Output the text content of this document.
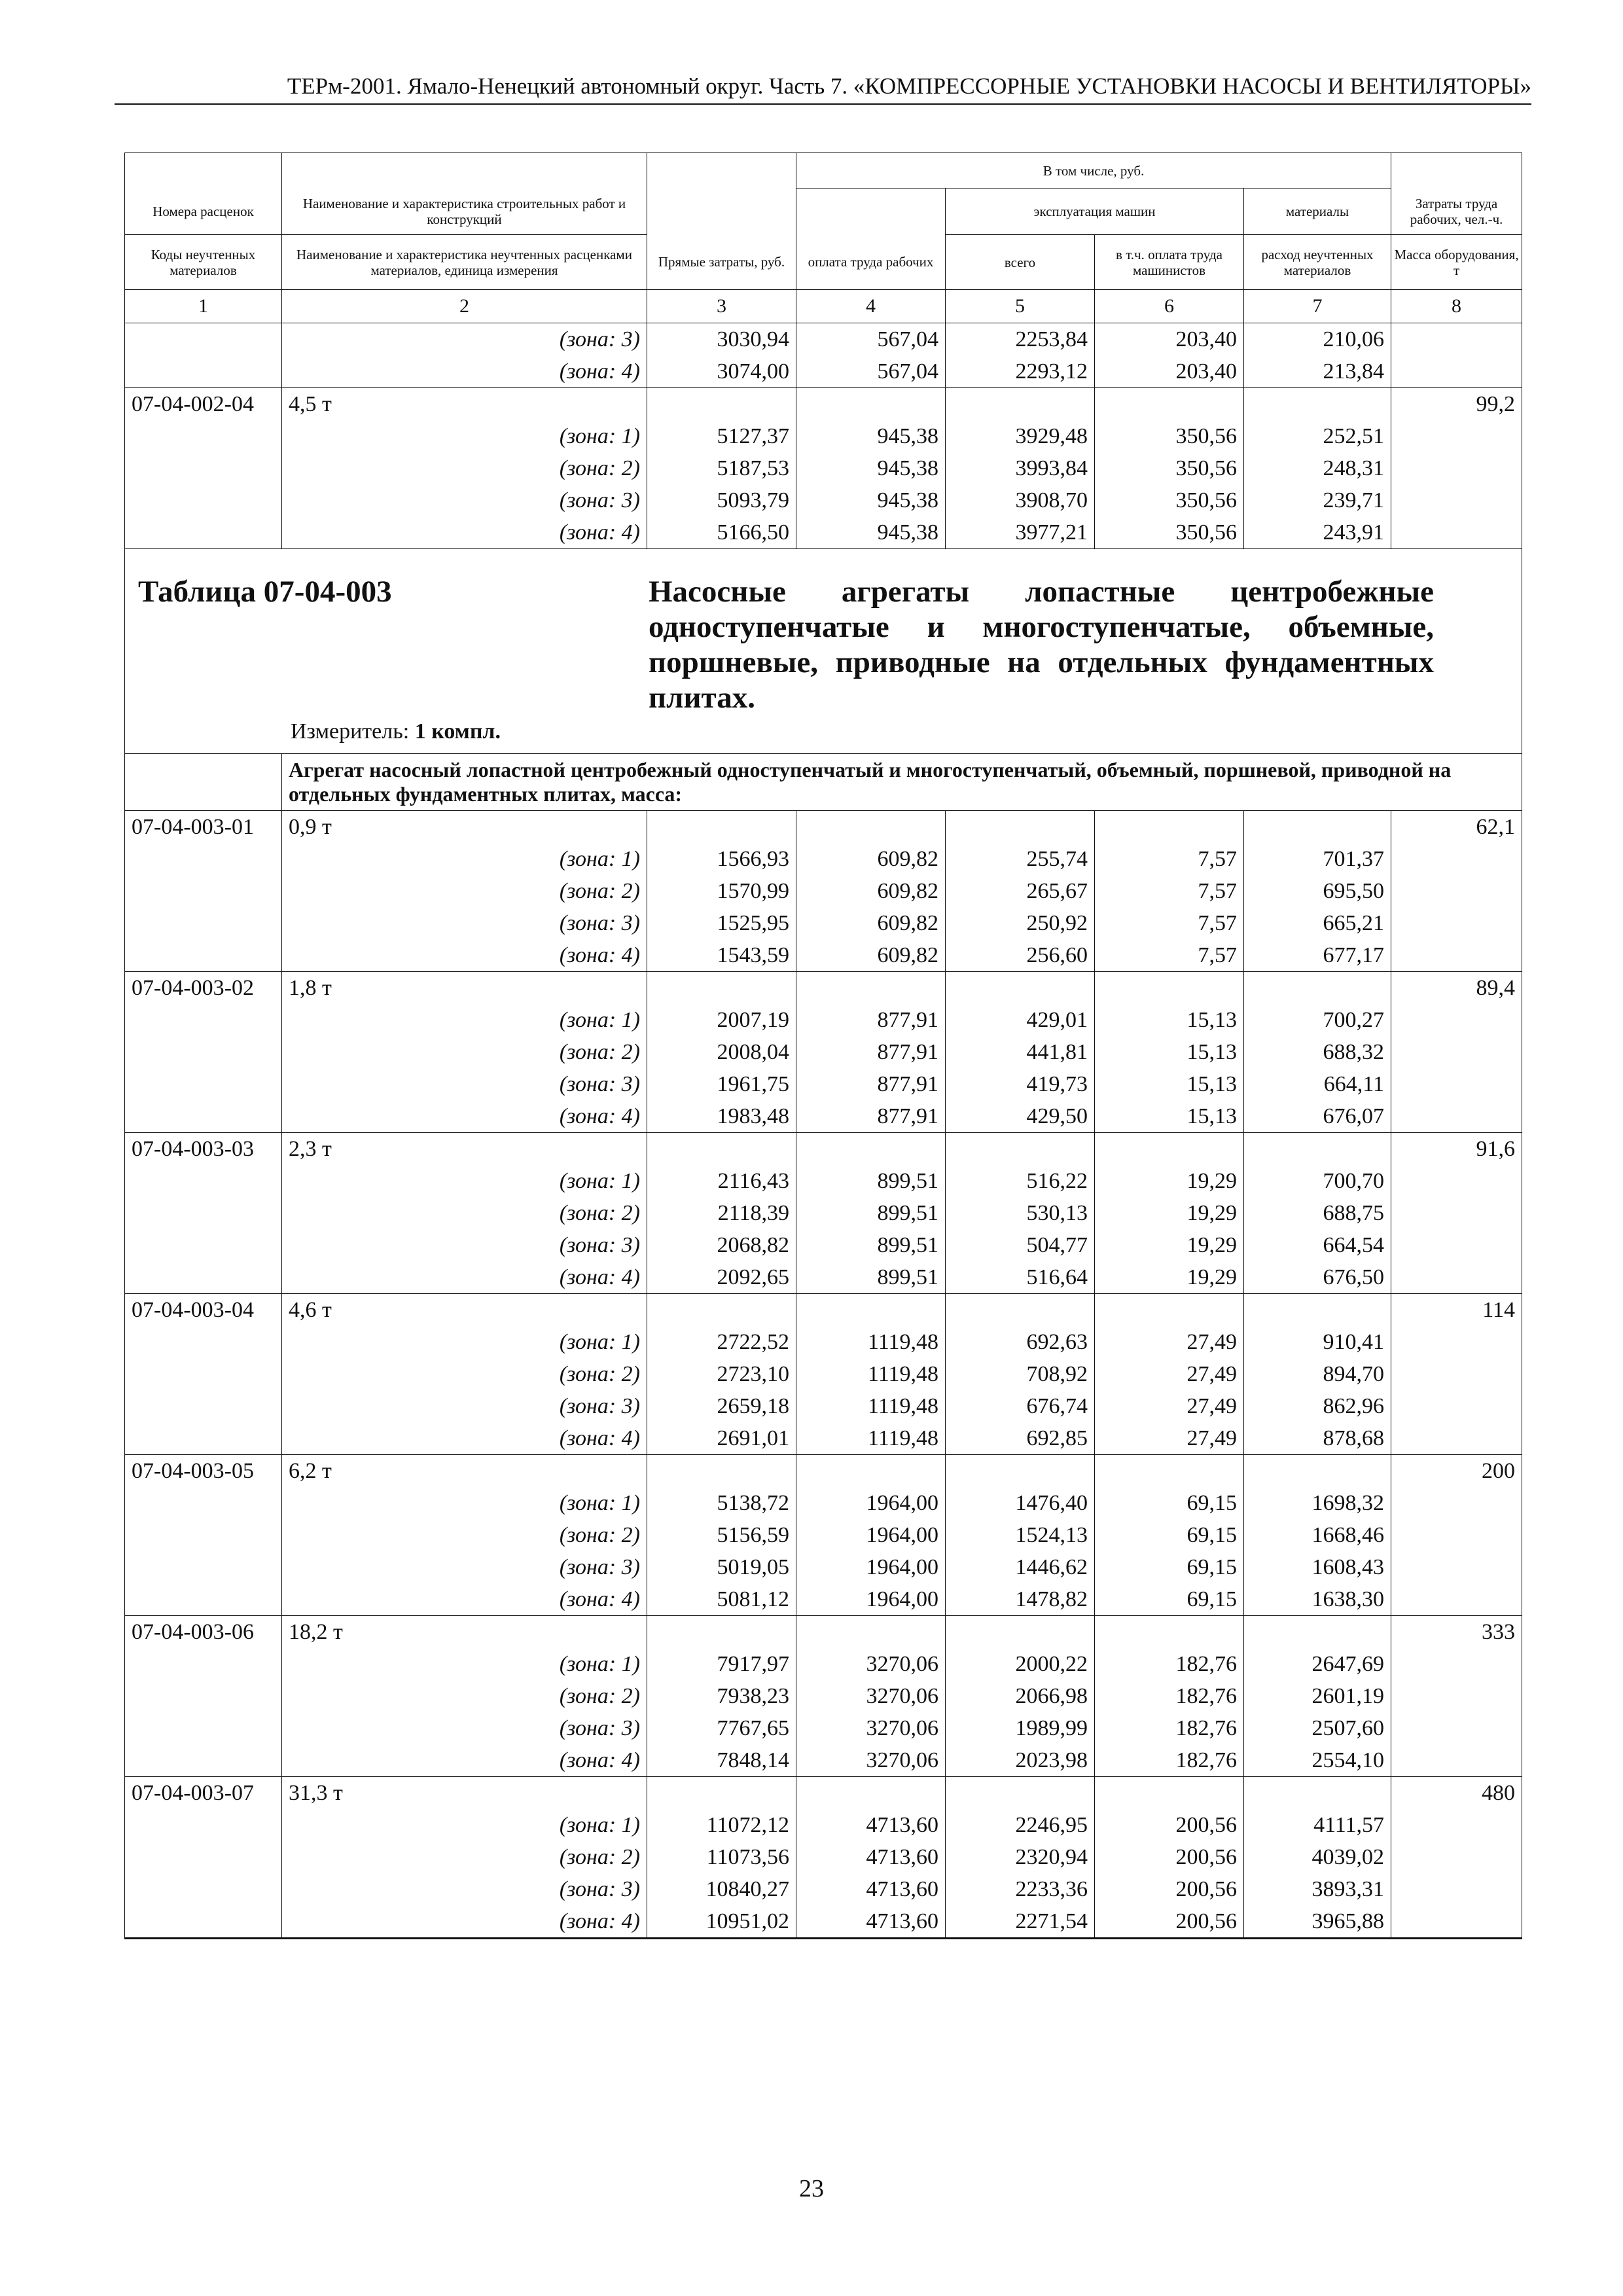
ТЕРм-2001. Ямало-Ненецкий автономный округ. Часть 7. «КОМПРЕССОРНЫЕ УСТАНОВКИ НАСОСЫ И ВЕНТИЛЯТОРЫ»
			В том числе, руб.				
Номера расценок	Наименование и характеристика строительных работ и конструкций			эксплуатация машин		материалы	Затраты труда рабочих, чел.-ч.
Коды неучтенных материалов	Наименование и характеристика неучтенных расценками материалов, единица измерения	Прямые затраты, руб.	оплата труда рабочих	всего	в т.ч. оплата труда машинистов	расход неучтенных материалов	Масса оборудования, т
1	2	3	4	5	6	7	8
	(зона: 3)	3030,94	567,04	2253,84	203,40	210,06	
	(зона: 4)	3074,00	567,04	2293,12	203,40	213,84	
07-04-002-04	4,5 т						99,2
	(зона: 1)	5127,37	945,38	3929,48	350,56	252,51	
	(зона: 2)	5187,53	945,38	3993,84	350,56	248,31	
	(зона: 3)	5093,79	945,38	3908,70	350,56	239,71	
	(зона: 4)	5166,50	945,38	3977,21	350,56	243,91	

Таблица 07-04-003 Насосные агрегаты лопастные центробежные одноступенчатые и многоступенчатые, объемные, поршневые, приводные на отдельных фундаментных плитах.
Измеритель: 1 компл.							

	Агрегат насосный лопастной центробежный одноступенчатый и многоступенчатый, объемный, поршневой, приводной на отдельных фундаментных плитах, масса:						
07-04-003-01	0,9 т						62,1
	(зона: 1)	1566,93	609,82	255,74	7,57	701,37	
	(зона: 2)	1570,99	609,82	265,67	7,57	695,50	
	(зона: 3)	1525,95	609,82	250,92	7,57	665,21	
	(зона: 4)	1543,59	609,82	256,60	7,57	677,17	
07-04-003-02	1,8 т						89,4
	(зона: 1)	2007,19	877,91	429,01	15,13	700,27	
	(зона: 2)	2008,04	877,91	441,81	15,13	688,32	
	(зона: 3)	1961,75	877,91	419,73	15,13	664,11	
	(зона: 4)	1983,48	877,91	429,50	15,13	676,07	
07-04-003-03	2,3 т						91,6
	(зона: 1)	2116,43	899,51	516,22	19,29	700,70	
	(зона: 2)	2118,39	899,51	530,13	19,29	688,75	
	(зона: 3)	2068,82	899,51	504,77	19,29	664,54	
	(зона: 4)	2092,65	899,51	516,64	19,29	676,50	
07-04-003-04	4,6 т						114
	(зона: 1)	2722,52	1119,48	692,63	27,49	910,41	
	(зона: 2)	2723,10	1119,48	708,92	27,49	894,70	
	(зона: 3)	2659,18	1119,48	676,74	27,49	862,96	
	(зона: 4)	2691,01	1119,48	692,85	27,49	878,68	
07-04-003-05	6,2 т						200
	(зона: 1)	5138,72	1964,00	1476,40	69,15	1698,32	
	(зона: 2)	5156,59	1964,00	1524,13	69,15	1668,46	
	(зона: 3)	5019,05	1964,00	1446,62	69,15	1608,43	
	(зона: 4)	5081,12	1964,00	1478,82	69,15	1638,30	
07-04-003-06	18,2 т						333
	(зона: 1)	7917,97	3270,06	2000,22	182,76	2647,69	
	(зона: 2)	7938,23	3270,06	2066,98	182,76	2601,19	
	(зона: 3)	7767,65	3270,06	1989,99	182,76	2507,60	
	(зона: 4)	7848,14	3270,06	2023,98	182,76	2554,10	
07-04-003-07	31,3 т						480
	(зона: 1)	11072,12	4713,60	2246,95	200,56	4111,57	
	(зона: 2)	11073,56	4713,60	2320,94	200,56	4039,02	
	(зона: 3)	10840,27	4713,60	2233,36	200,56	3893,31	
	(зона: 4)	10951,02	4713,60	2271,54	200,56	3965,88	
23
